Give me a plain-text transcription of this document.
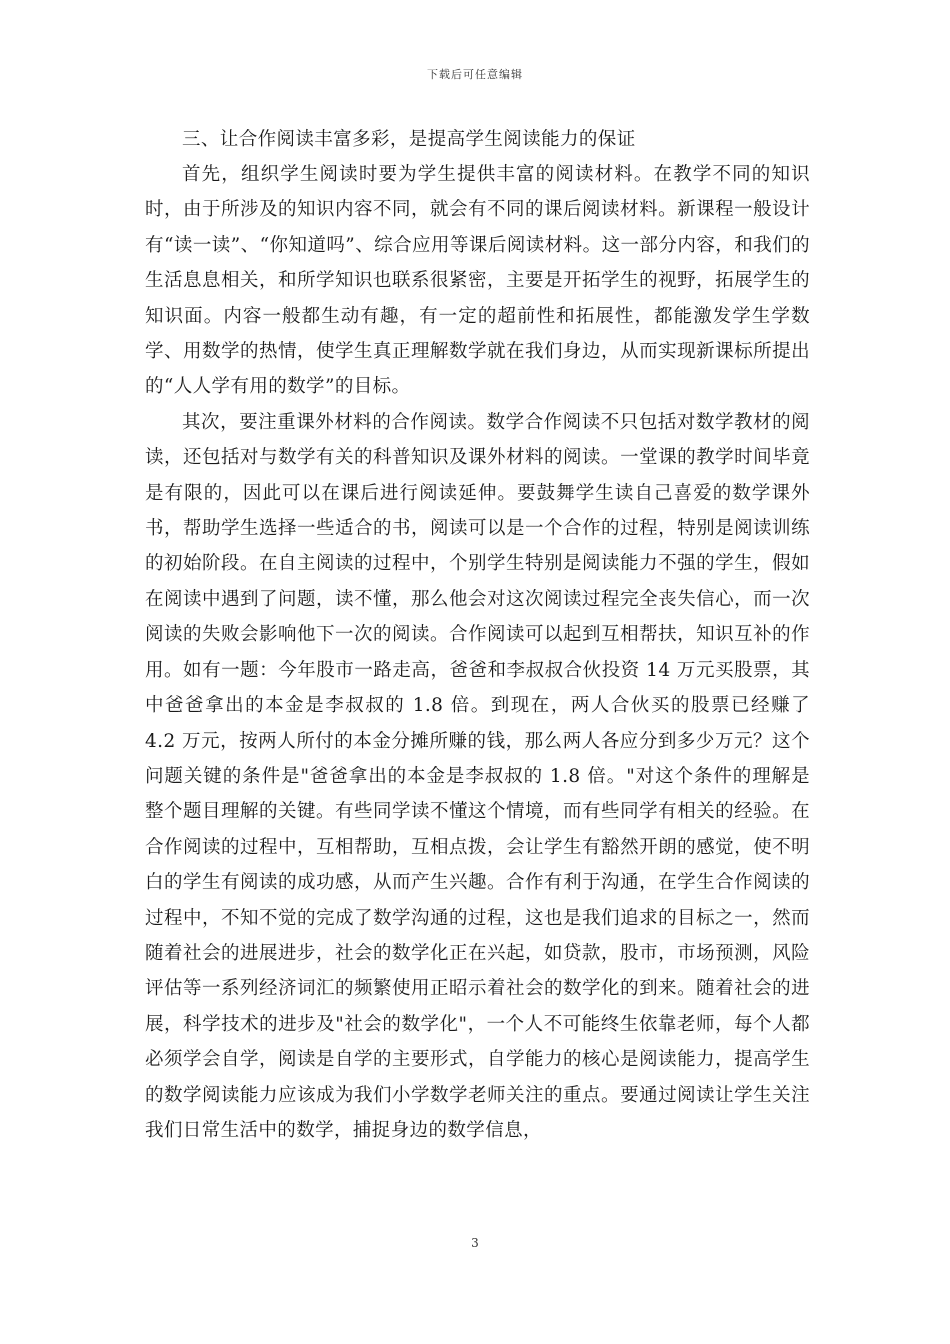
下载后可任意编辑
三、让合作阅读丰富多彩，是提高学生阅读能力的保证

首先，组织学生阅读时要为学生提供丰富的阅读材料。在教学不同的知识时，由于所涉及的知识内容不同，就会有不同的课后阅读材料。新课程一般设计有“读一读”、“你知道吗”、综合应用等课后阅读材料。这一部分内容，和我们的生活息息相关，和所学知识也联系很紧密，主要是开拓学生的视野，拓展学生的知识面。内容一般都生动有趣，有一定的超前性和拓展性，都能激发学生学数学、用数学的热情，使学生真正理解数学就在我们身边，从而实现新课标所提出的“人人学有用的数学”的目标。

其次，要注重课外材料的合作阅读。数学合作阅读不只包括对数学教材的阅读，还包括对与数学有关的科普知识及课外材料的阅读。一堂课的教学时间毕竟是有限的，因此可以在课后进行阅读延伸。要鼓舞学生读自己喜爱的数学课外书，帮助学生选择一些适合的书，阅读可以是一个合作的过程，特别是阅读训练的初始阶段。在自主阅读的过程中，个别学生特别是阅读能力不强的学生，假如在阅读中遇到了问题，读不懂，那么他会对这次阅读过程完全丧失信心，而一次阅读的失败会影响他下一次的阅读。合作阅读可以起到互相帮扶，知识互补的作用。如有一题：今年股市一路走高，爸爸和李叔叔合伙投资 14 万元买股票，其中爸爸拿出的本金是李叔叔的 1.8 倍。到现在，两人合伙买的股票已经赚了 4.2 万元，按两人所付的本金分摊所赚的钱，那么两人各应分到多少万元？这个问题关键的条件是"爸爸拿出的本金是李叔叔的 1.8 倍。"对这个条件的理解是整个题目理解的关键。有些同学读不懂这个情境，而有些同学有相关的经验。在合作阅读的过程中，互相帮助，互相点拨，会让学生有豁然开朗的感觉，使不明白的学生有阅读的成功感，从而产生兴趣。合作有利于沟通，在学生合作阅读的过程中，不知不觉的完成了数学沟通的过程，这也是我们追求的目标之一，然而随着社会的进展进步，社会的数学化正在兴起，如贷款，股市，市场预测，风险评估等一系列经济词汇的频繁使用正昭示着社会的数学化的到来。随着社会的进展，科学技术的进步及"社会的数学化"，一个人不可能终生依靠老师，每个人都必须学会自学，阅读是自学的主要形式，自学能力的核心是阅读能力，提高学生的数学阅读能力应该成为我们小学数学老师关注的重点。要通过阅读让学生关注我们日常生活中的数学，捕捉身边的数学信息，

3
